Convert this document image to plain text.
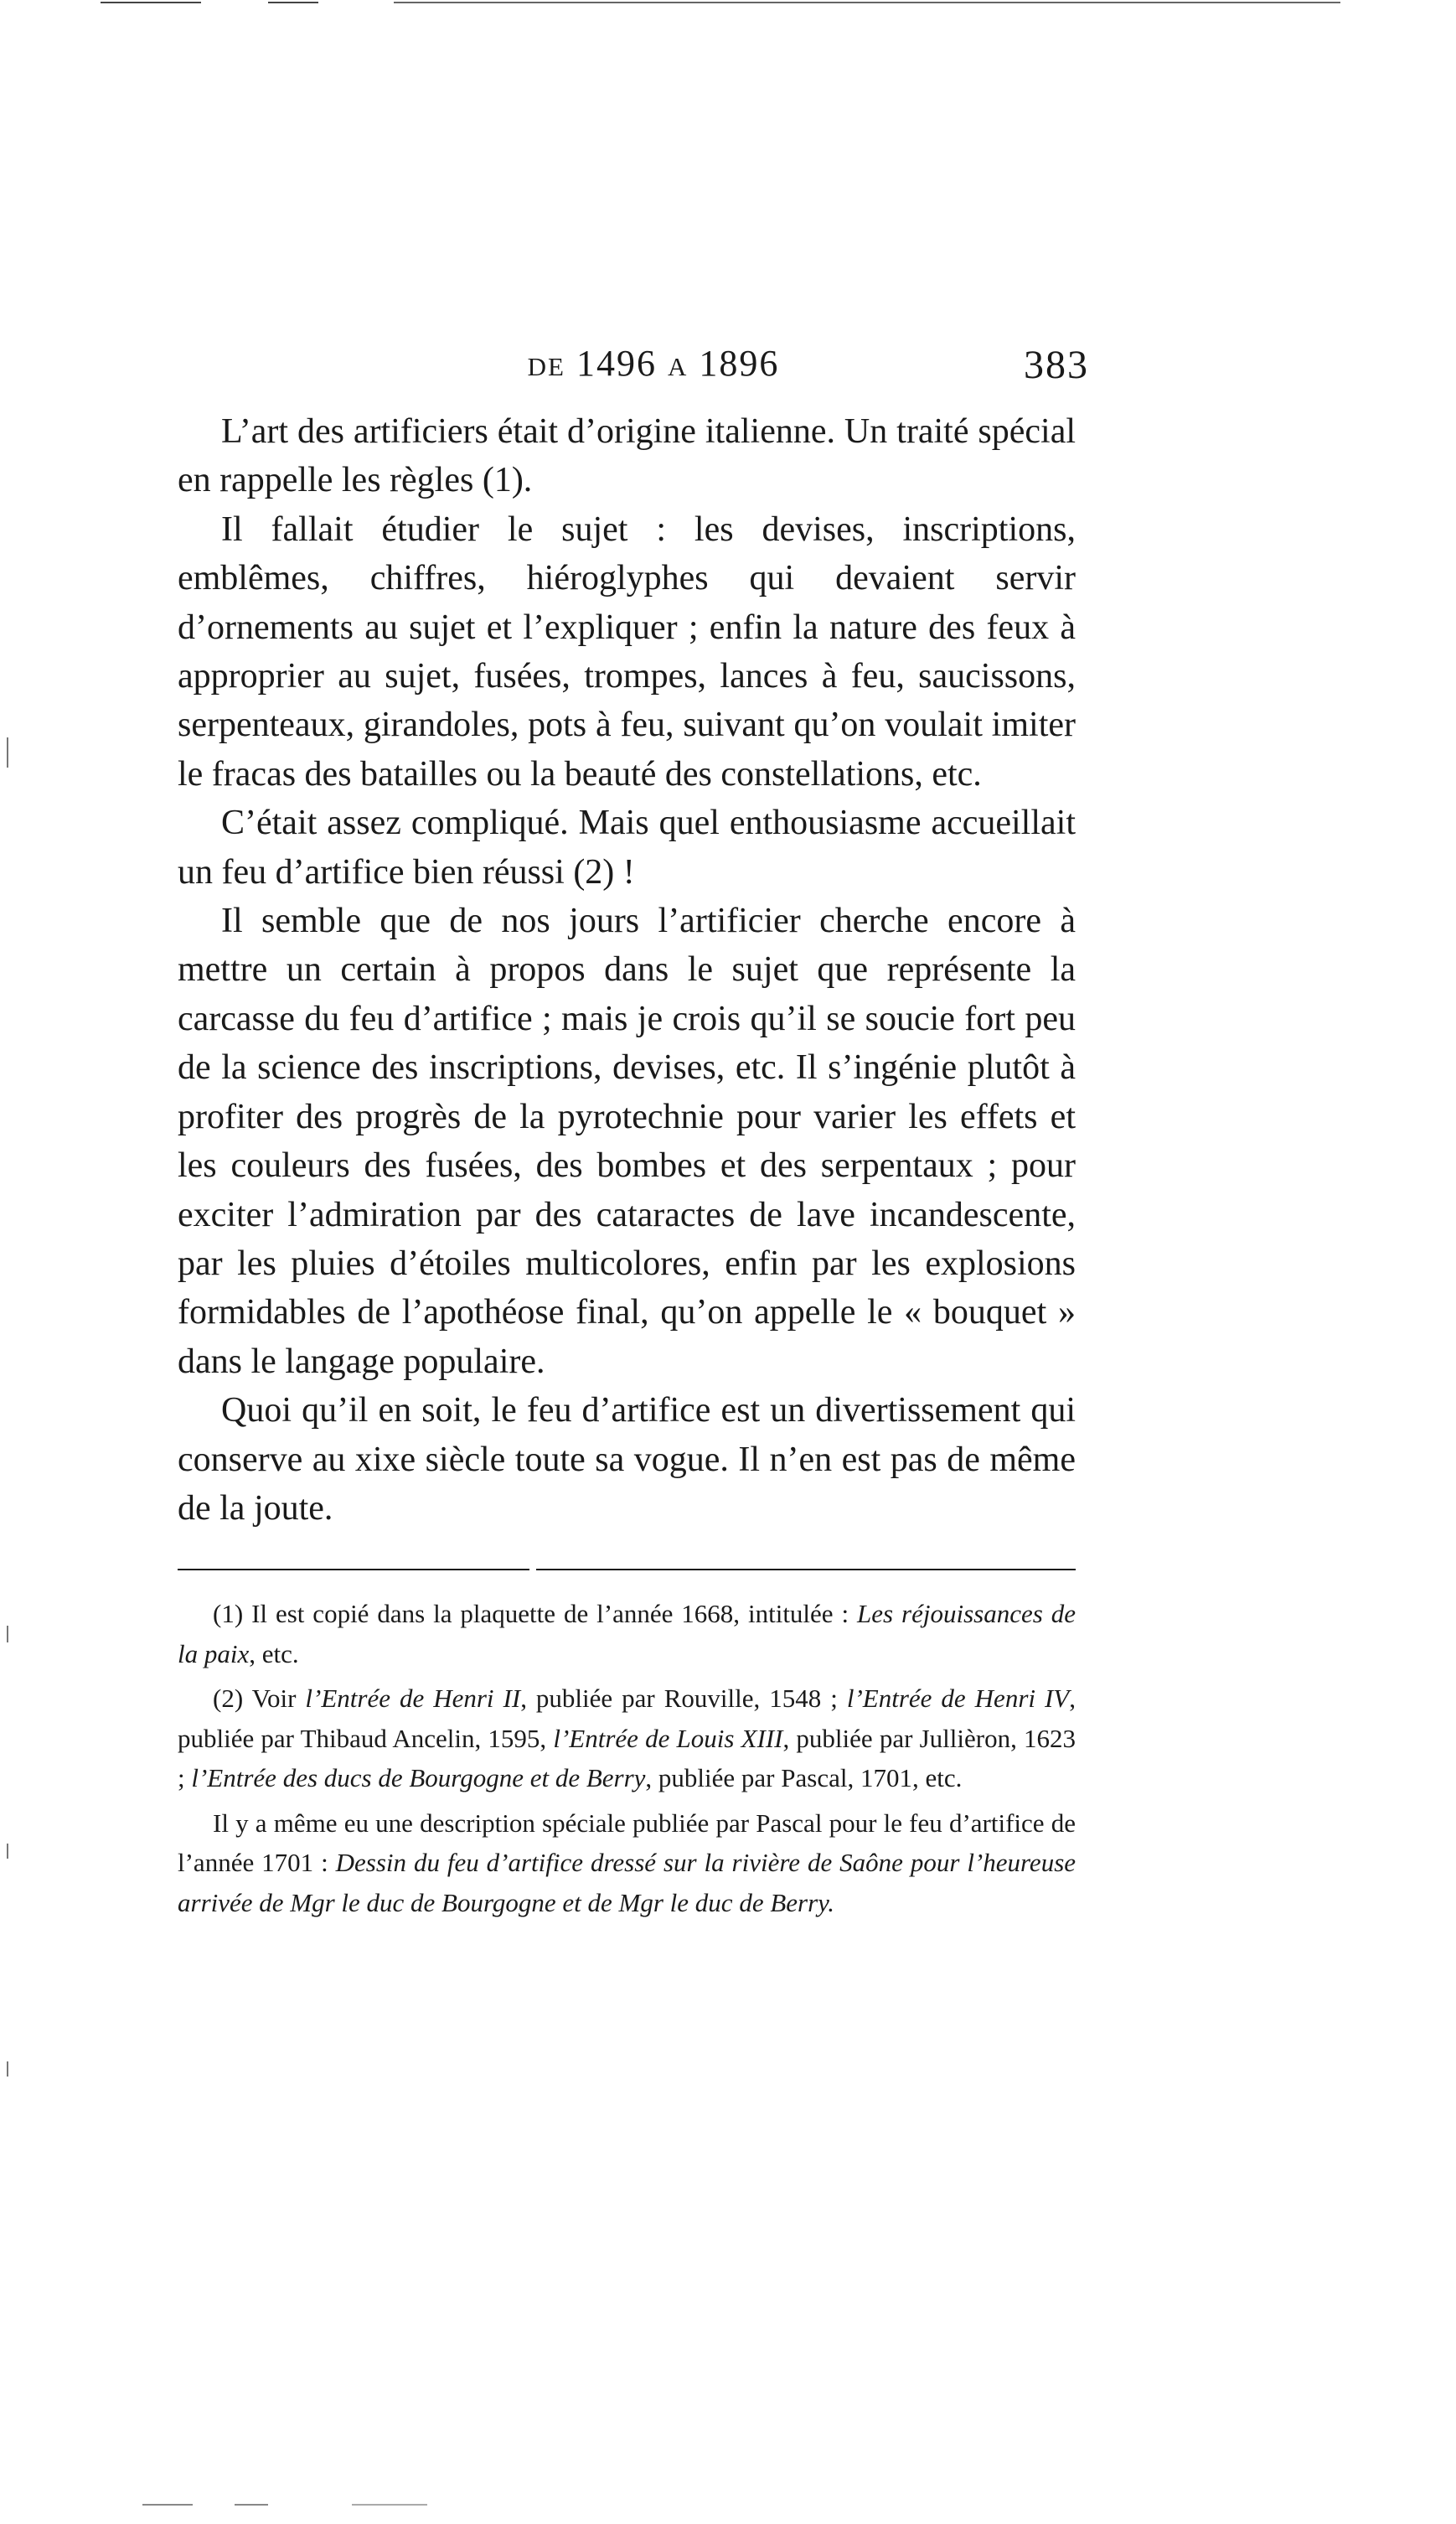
de 1496 a 1896	383

L’art des artificiers était d’origine italienne. Un traité spécial en rappelle les règles (1).

Il fallait étudier le sujet : les devises, inscriptions, emblêmes, chiffres, hiéroglyphes qui devaient servir d’ornements au sujet et l’expliquer ; enfin la nature des feux à approprier au sujet, fusées, trompes, lances à feu, saucissons, serpenteaux, girandoles, pots à feu, suivant qu’on voulait imiter le fracas des batailles ou la beauté des constellations, etc.

C’était assez compliqué. Mais quel enthousiasme accueillait un feu d’artifice bien réussi (2) !

Il semble que de nos jours l’artificier cherche encore à mettre un certain à propos dans le sujet que représente la carcasse du feu d’artifice ; mais je crois qu’il se soucie fort peu de la science des inscriptions, devises, etc. Il s’ingénie plutôt à profiter des progrès de la pyrotechnie pour varier les effets et les couleurs des fusées, des bombes et des serpentaux ; pour exciter l’admiration par des cataractes de lave incandescente, par les pluies d’étoiles multicolores, enfin par les explosions formidables de l’apothéose final, qu’on appelle le « bouquet » dans le langage populaire.

Quoi qu’il en soit, le feu d’artifice est un divertissement qui conserve au xixe siècle toute sa vogue. Il n’en est pas de même de la joute.

(1) Il est copié dans la plaquette de l’année 1668, intitulée : Les réjouissances de la paix, etc.

(2) Voir l’Entrée de Henri II, publiée par Rouville, 1548 ; l’Entrée de Henri IV, publiée par Thibaud Ancelin, 1595, l’Entrée de Louis XIII, publiée par Jullièron, 1623 ; l’Entrée des ducs de Bourgogne et de Berry, publiée par Pascal, 1701, etc.

Il y a même eu une description spéciale publiée par Pascal pour le feu d’artifice de l’année 1701 : Dessin du feu d’artifice dressé sur la rivière de Saône pour l’heureuse arrivée de Mgr le duc de Bourgogne et de Mgr le duc de Berry.
